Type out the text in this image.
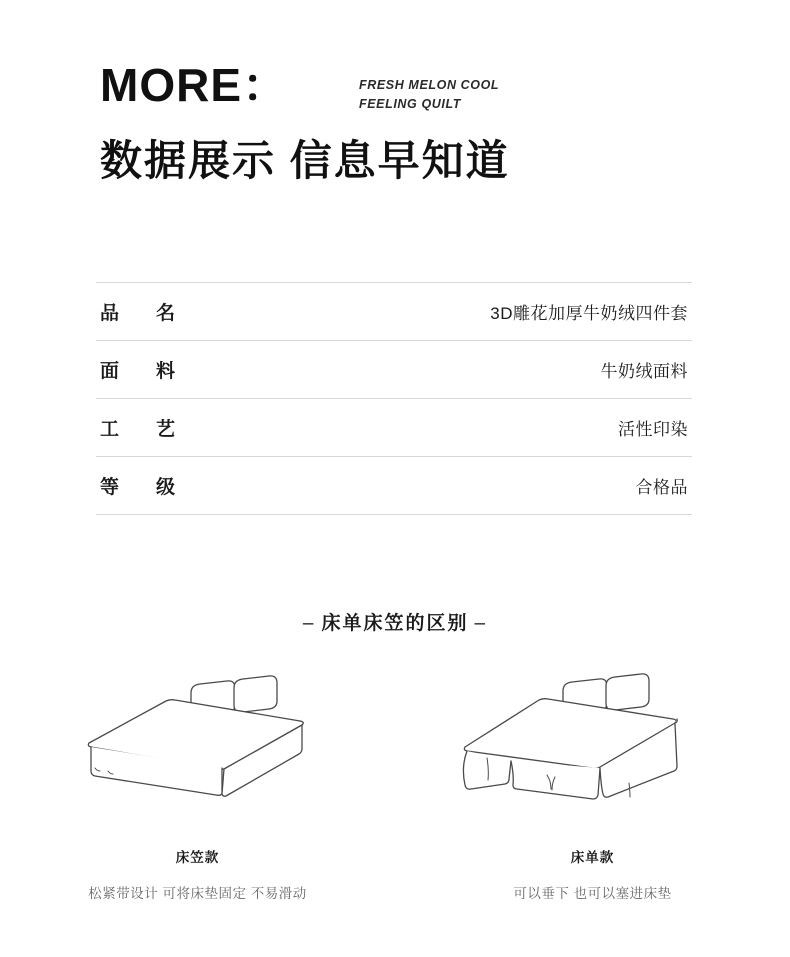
MORE：	FRESH MELON COOL
FEELING QUILT
数据展示 信息早知道
品　名	3D雕花加厚牛奶绒四件套
面　料	牛奶绒面料
工　艺	活性印染
等　级	合格品
– 床单床笠的区别 –
床笠款
松紧带设计 可将床垫固定 不易滑动
床单款
可以垂下 也可以塞进床垫
